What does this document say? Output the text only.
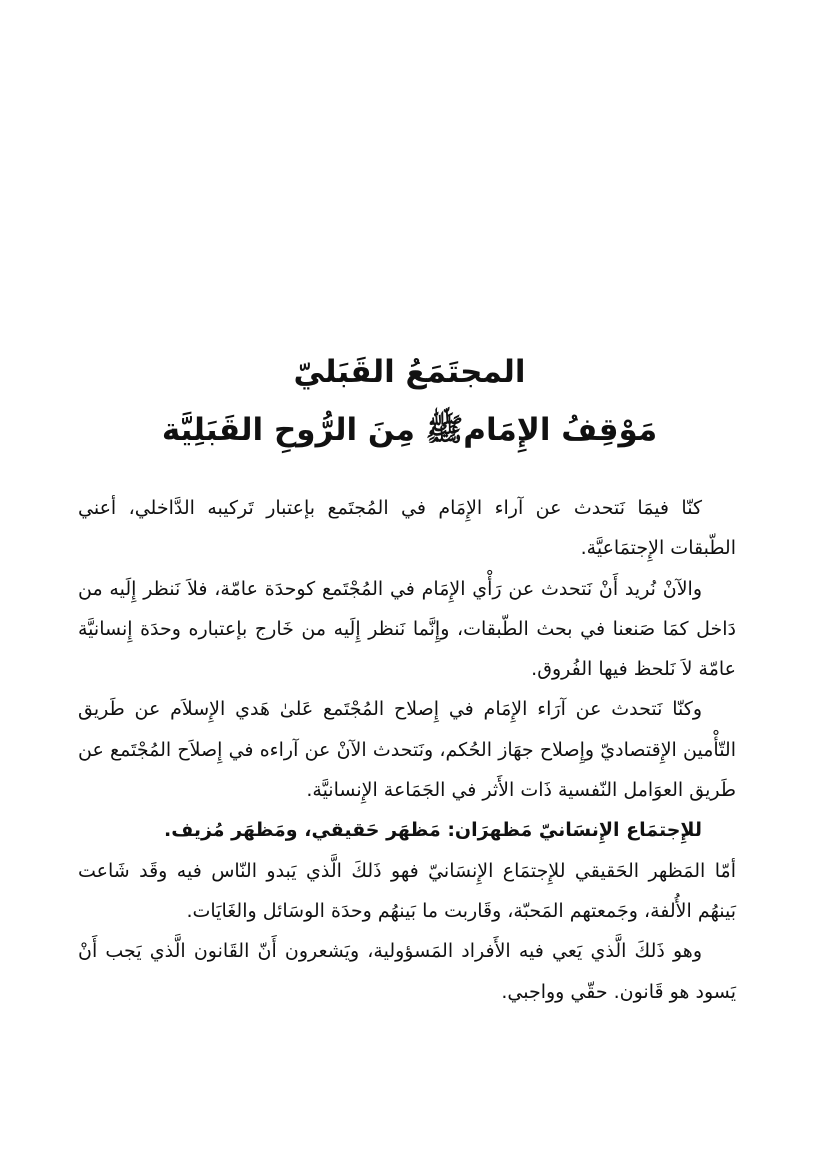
المجتَمَعُ القَبَليّ
مَوْقِفُ الإِمَام‬ﷺ مِنَ الرُّوحِ القَبَلِيَّة

كنّا فيمَا نَتحدث عن آراء الإِمَام في المُجتَمع بإعتبار تَركيبه الدَّاخلي، أعني الطّبقات الإِجتمَاعيَّة.

والآنْ نُريد أَنْ نَتحدث عن رَأْي الإِمَام في المُجْتَمع كوحدَة عامّة، فلاَ نَنظر إِلَيه من دَاخل كمَا صَنعنا في بحث الطّبقات، وإِنَّما نَنظر إِلَيه من خَارج بإعتباره وحدَة إِنسانيَّة عامّة لاَ نَلحظ فيها الفُروق.

وكنّا نَتحدث عن آرَاء الإِمَام في إِصلاح المُجْتَمع عَلىٰ هَدي الإِسلاَم عن طَريق التّأْمين الإِقتصاديّ وإِصلاح جهَاز الحُكم، ونَتحدث الآنْ عن آراءه في إِصلاَح المُجْتَمع عن طَريق العوَامل النّفسية ذَات الأَثر في الجَمَاعة الإِنسانيَّة.

للإِجتمَاع الإِنسَانيّ مَظهرَان: مَظهَر حَقيقي، ومَظهَر مُزيف.

أمّا المَظهر الحَقيقي للإِجتمَاع الإِنسَانيّ فهو ذَلكَ الَّذي يَبدو النّاس فيه وقَد شَاعت بَينهُم الأُلفة، وجَمعتهم المَحبّة، وقَاربت ما بَينهُم وحدَة الوسَائل والغَايَات.

وهو ذَلكَ الَّذي يَعي فيه الأَفراد المَسؤولية، ويَشعرون أَنّ القَانون الَّذي يَجب أَنْ يَسود هو قَانون. حقّي وواجبي.
